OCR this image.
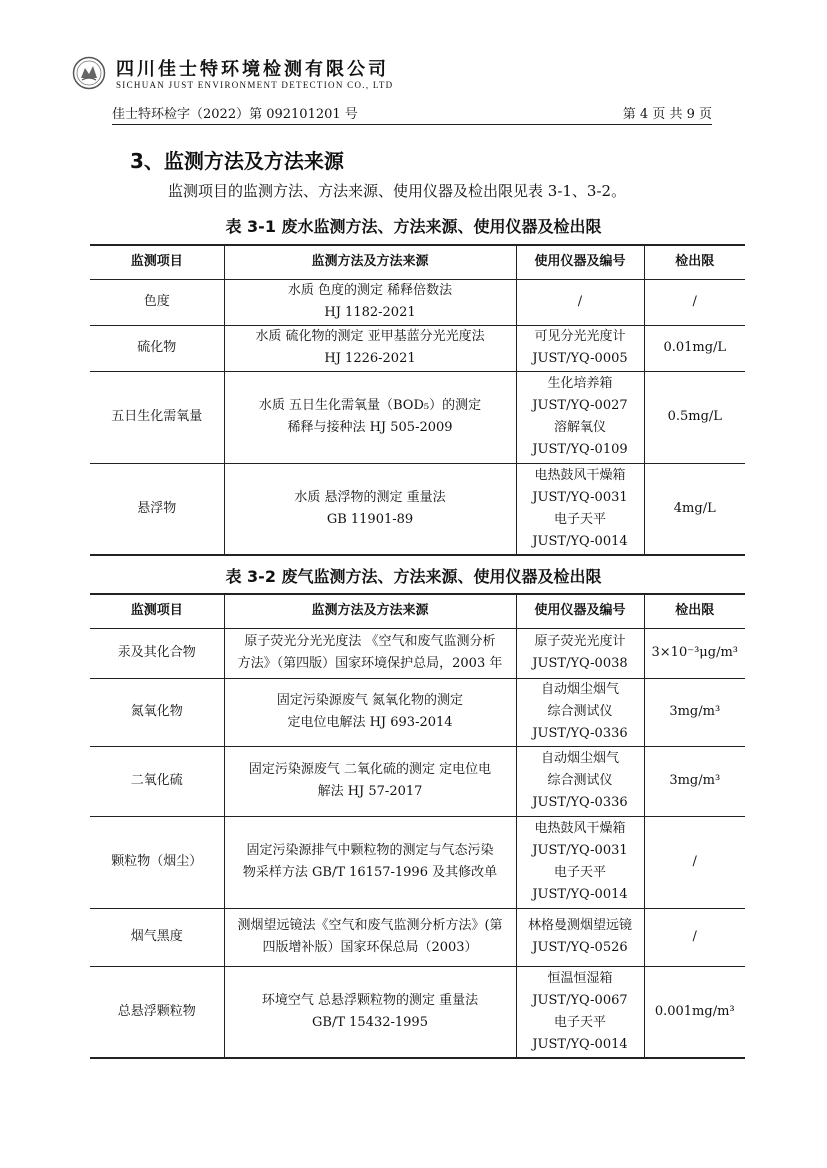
四川佳士特环境检测有限公司
SICHUAN JUST ENVIRONMENT DETECTION CO., LTD
佳士特环检字（2022）第 092101201 号	第 4 页 共 9 页
3、监测方法及方法来源
监测项目的监测方法、方法来源、使用仪器及检出限见表 3-1、3-2。
表 3-1 废水监测方法、方法来源、使用仪器及检出限
监测项目	监测方法及方法来源	使用仪器及编号	检出限
色度	水质 色度的测定 稀释倍数法
HJ 1182-2021	/	/
硫化物	水质 硫化物的测定 亚甲基蓝分光光度法
HJ 1226-2021	可见分光光度计
JUST/YQ-0005	0.01mg/L
五日生化需氧量	水质 五日生化需氧量（BOD₅）的测定
稀释与接种法 HJ 505-2009	生化培养箱
JUST/YQ-0027
溶解氧仪
JUST/YQ-0109	0.5mg/L
悬浮物	水质 悬浮物的测定 重量法
GB 11901-89	电热鼓风干燥箱
JUST/YQ-0031
电子天平
JUST/YQ-0014	4mg/L
表 3-2 废气监测方法、方法来源、使用仪器及检出限
监测项目	监测方法及方法来源	使用仪器及编号	检出限
汞及其化合物	原子荧光分光光度法 《空气和废气监测分析
方法》（第四版）国家环境保护总局，2003 年	原子荧光光度计
JUST/YQ-0038	3×10⁻³μg/m³
氮氧化物	固定污染源废气 氮氧化物的测定
定电位电解法 HJ 693-2014	自动烟尘烟气
综合测试仪
JUST/YQ-0336	3mg/m³
二氧化硫	固定污染源废气 二氧化硫的测定 定电位电
解法 HJ 57-2017	自动烟尘烟气
综合测试仪
JUST/YQ-0336	3mg/m³
颗粒物（烟尘）	固定污染源排气中颗粒物的测定与气态污染
物采样方法 GB/T 16157-1996 及其修改单	电热鼓风干燥箱
JUST/YQ-0031
电子天平
JUST/YQ-0014	/
烟气黑度	测烟望远镜法《空气和废气监测分析方法》(第
四版增补版）国家环保总局（2003）	林格曼测烟望远镜
JUST/YQ-0526	/
总悬浮颗粒物	环境空气 总悬浮颗粒物的测定 重量法
GB/T 15432-1995	恒温恒湿箱
JUST/YQ-0067
电子天平
JUST/YQ-0014	0.001mg/m³
